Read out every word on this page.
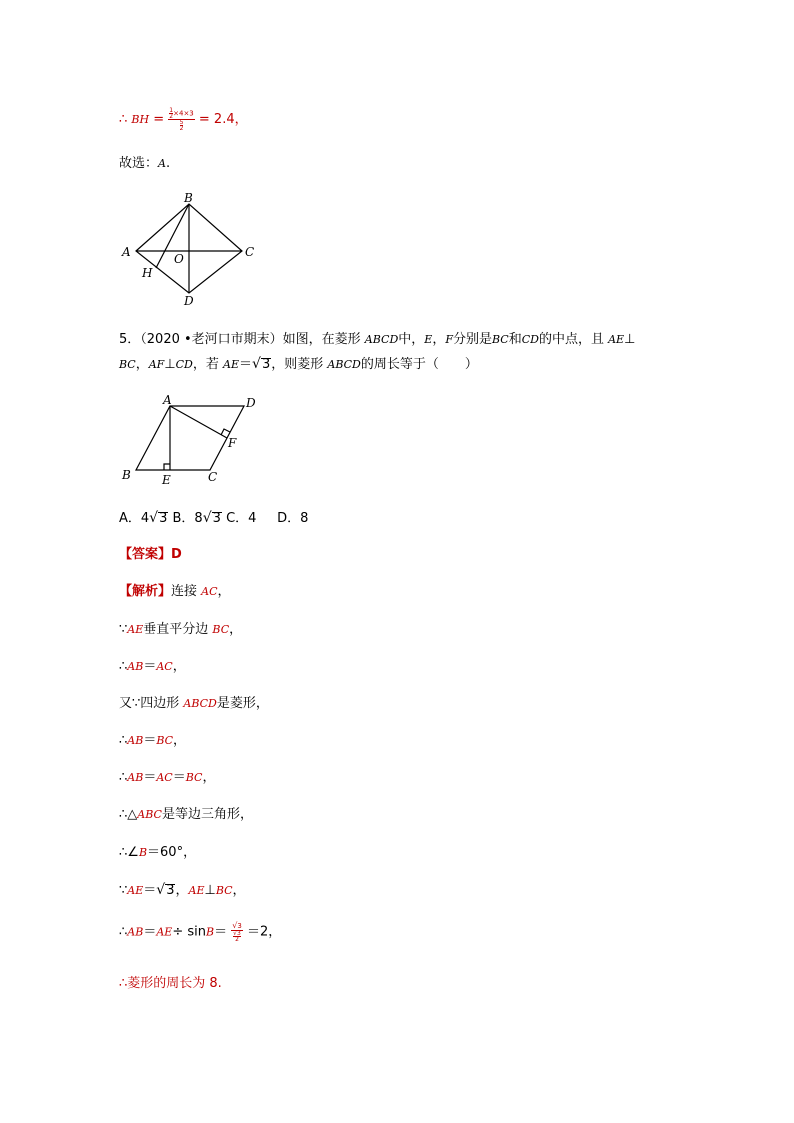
∴ BH = $\frac{\frac{1}{2} \times 4\times 3}{\frac{5}{2}} = 2.4$，
故选：A.
B
A	C
O
H
D
5．（2020 •老河口市期末）如图，在菱形 ABCD中，E，F分别是BC和CD的中点，且 AE⊥
BC，AF⊥CD，若 AE＝√3，则菱形 ABCD的周长等于（　　）
A	D
F
B	E	C
A．4√3 B．8√3 C．4 D．8
【答案】D
【解析】连接 AC，
∵AE垂直平分边 BC，
∴AB＝AC，
又∵四边形 ABCD是菱形，
∴AB＝BC，
∴AB＝AC＝BC，
∴△ABC是等边三角形，
∴∠B＝60°，
∵AE＝√3，AE⊥BC，
∴AB＝AE÷ $\sin B= \frac{√3}{\frac{√3}{2}} =2$，
∴菱形的周长为 8.
